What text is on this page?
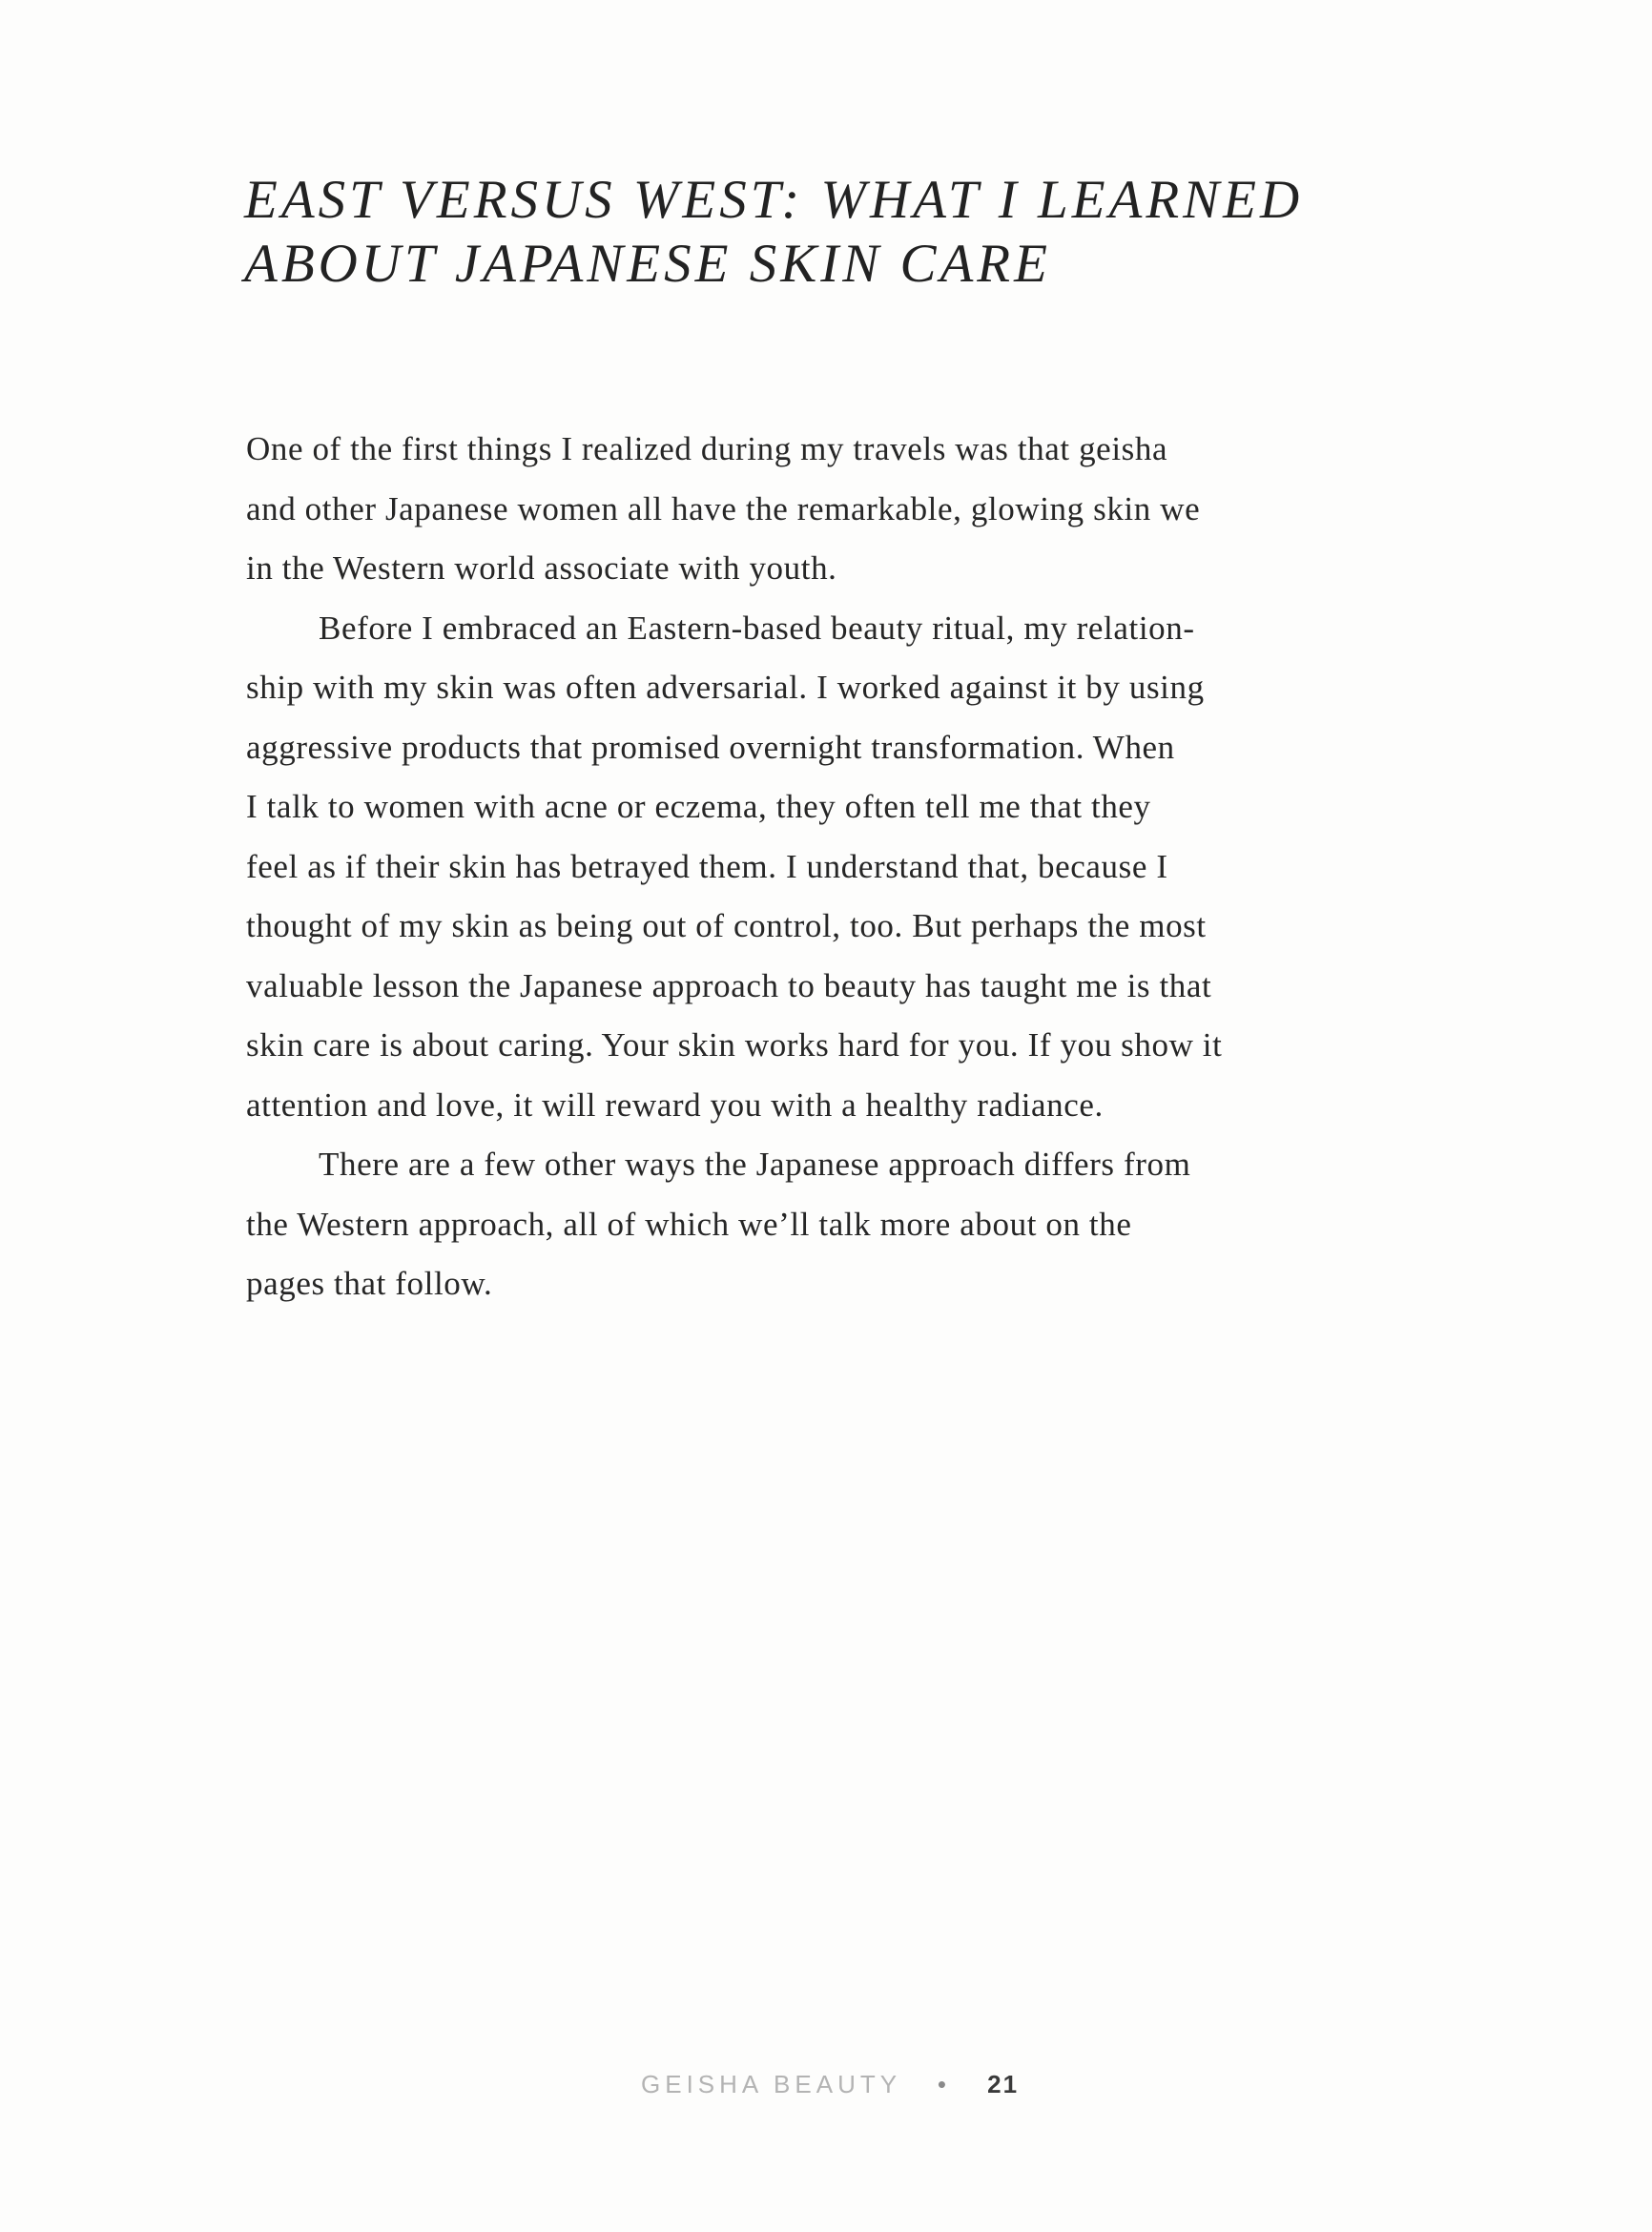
EAST VERSUS WEST: WHAT I LEARNED
ABOUT JAPANESE SKIN CARE

One of the first things I realized during my travels was that geisha
and other Japanese women all have the remarkable, glowing skin we
in the Western world associate with youth.

Before I embraced an Eastern-based beauty ritual, my relation-
ship with my skin was often adversarial. I worked against it by using
aggressive products that promised overnight transformation. When
I talk to women with acne or eczema, they often tell me that they
feel as if their skin has betrayed them. I understand that, because I
thought of my skin as being out of control, too. But perhaps the most
valuable lesson the Japanese approach to beauty has taught me is that
skin care is about caring. Your skin works hard for you. If you show it
attention and love, it will reward you with a healthy radiance.

There are a few other ways the Japanese approach differs from
the Western approach, all of which we’ll talk more about on the
pages that follow.

GEISHA BEAUTY • 21
